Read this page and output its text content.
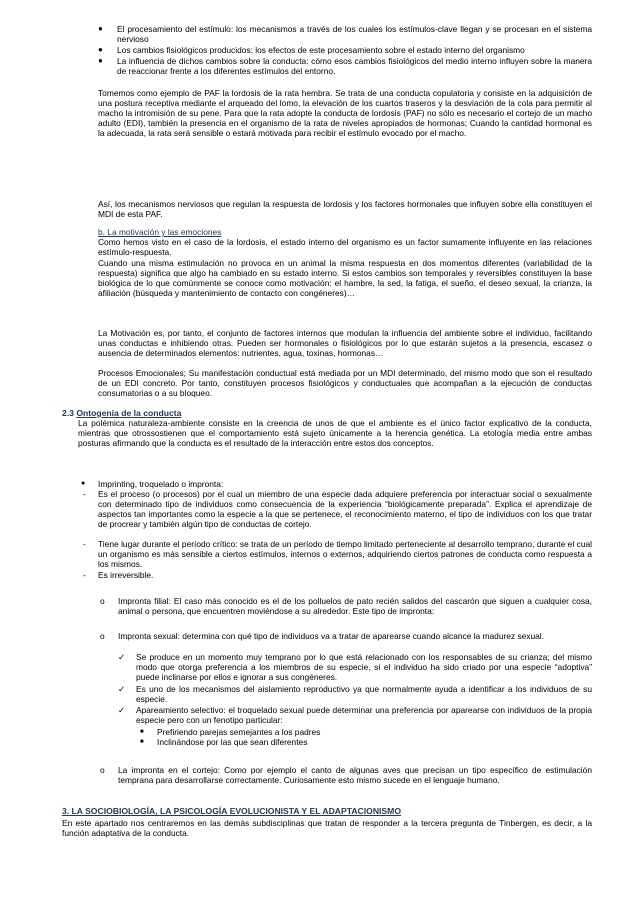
● El procesamiento del estímulo: los mecanismos a través de los cuales los estímulos-clave llegan y se procesan en el sistema nervioso

● Los cambios fisiológicos producidos: los efectos de este procesamiento sobre el estado interno del organismo

● La influencia de dichos cambios sobre la conducta: cómo esos cambios fisiológicos del medio interno influyen sobre la manera de reaccionar frente a los diferentes estímulos del entorno.

Tomemos como ejemplo de PAF la lordosis de la rata hembra. Se trata de una conducta copulatoria y consiste en la adquisición de una postura receptiva mediante el arqueado del lomo, la elevación de los cuartos traseros y la desviación de la cola para permitir al macho la intromisión de su pene. Para que la rata adopte la conducta de lordosis (PAF) no sólo es necesario el cortejo de un macho adulto (EDI), también la presencia en el organismo de la rata de niveles apropiados de hormonas; Cuando la cantidad hormonal es la adecuada, la rata será sensible o estará motivada para recibir el estímulo evocado por el macho.

Así, los mecanismos nerviosos que regulan la respuesta de lordosis y los factores hormonales que influyen sobre ella constituyen el MDI de esta PAF.

b. La motivación y las emociones

Como hemos visto en el caso de la lordosis, el estado interno del organismo es un factor sumamente influyente en las relaciones estímulo-respuesta.

Cuando una misma estimulación no provoca en un animal la misma respuesta en dos momentos diferentes (variabilidad de la respuesta) significa que algo ha cambiado en su estado interno. Si estos cambios son temporales y reversibles constituyen la base biológica de lo que comúnmente se conoce como motivación: el hambre, la sed, la fatiga, el sueño, el deseo sexual, la crianza, la afiliación (búsqueda y mantenimiento de contacto con congéneres)…

La Motivación es, por tanto, el conjunto de factores internos que modulan la influencia del ambiente sobre el individuo, facilitando unas conductas e inhibiendo otras. Pueden ser hormonales o fisiológicos por lo que estarán sujetos a la presencia, escasez o ausencia de determinados elementos: nutrientes, agua, toxinas, hormonas…

Procesos Emocionales; Su manifestación conductual está mediada por un MDI determinado, del mismo modo que son el resultado de un EDI concreto. Por tanto, constituyen procesos fisiológicos y conductuales que acompañan a la ejecución de conductas consumatorias o a su bloqueo.

2.3 Ontogenia de la conducta

La polémica naturaleza-ambiente consiste en la creencia de unos de que el ambiente es el único factor explicativo de la conducta, mientras que otrossostienen que el comportamiento está sujeto únicamente a la herencia genética. La etología media entre ambas posturas afirmando que la conducta es el resultado de la interacción entre estos dos conceptos.

● Imprinting, troquelado o impronta:

- Es el proceso (o procesos) por el cual un miembro de una especie dada adquiere preferencia por interactuar social o sexualmente con determinado tipo de individuos como consecuencia de la experiencia “biológicamente preparada”. Explica el aprendizaje de aspectos tan importantes como la especie a la que se pertenece, el reconocimiento materno, el tipo de individuos con los que tratar de procrear y también algún tipo de conductas de cortejo.

- Tiene lugar durante el período crítico: se trata de un período de tiempo limitado perteneciente al desarrollo temprano, durante el cual un organismo es más sensible a ciertos estímulos, internos o externos, adquiriendo ciertos patrones de conducta como respuesta a los mismos.

- Es irreversible.

o Impronta filial: El caso más conocido es el de los polluelos de pato recién salidos del cascarón que siguen a cualquier cosa, animal o persona, que encuentren moviéndose a su alrededor. Este tipo de impronta:

o Impronta sexual: determina con qué tipo de individuos va a tratar de aparearse cuando alcance la madurez sexual.

✓ Se produce en un momento muy temprano por lo que está relacionado con los responsables de su crianza; del mismo modo que otorga preferencia a los miembros de su especie, si el individuo ha sido criado por una especie “adoptiva” puede inclinarse por ellos e ignorar a sus congéneres.

✓ Es uno de los mecanismos del aislamiento reproductivo ya que normalmente ayuda a identificar a los individuos de su especie.

✓ Apareamiento selectivo: el troquelado sexual puede determinar una preferencia por aparearse con individuos de la propia especie pero con un fenotipo particular:

■ Prefiriendo parejas semejantes a los padres

■ Inclinándose por las que sean diferentes

o La impronta en el cortejo: Como por ejemplo el canto de algunas aves que precisan un tipo específico de estimulación temprana para desarrollarse correctamente. Curiosamente esto mismo sucede en el lenguaje humano.

3. LA SOCIOBIOLOGÍA, LA PSICOLOGÍA EVOLUCIONISTA Y EL ADAPTACIONISMO

En este apartado nos centraremos en las demás subdisciplinas que tratan de responder a la tercera pregunta de Tinbergen, es decir, a la función adaptativa de la conducta.
